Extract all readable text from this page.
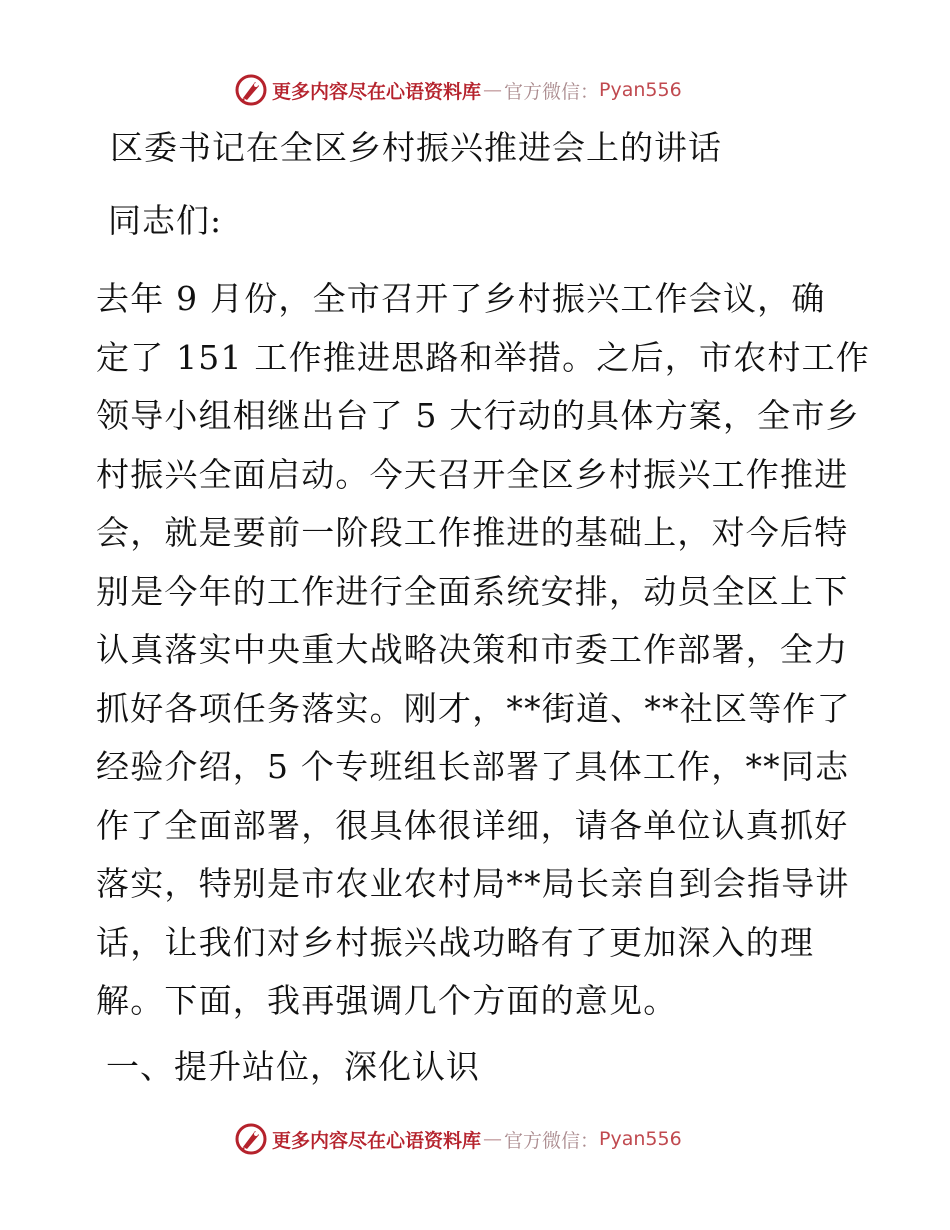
更多内容尽在心语资料库 — 官方微信： Pyan556
区委书记在全区乡村振兴推进会上的讲话
同志们:
去年 9 月份，全市召开了乡村振兴工作会议，确
定了 151 工作推进思路和举措。之后，市农村工作
领导小组相继出台了 5 大行动的具体方案，全市乡
村振兴全面启动。今天召开全区乡村振兴工作推进
会，就是要前一阶段工作推进的基础上，对今后特
别是今年的工作进行全面系统安排，动员全区上下
认真落实中央重大战略决策和市委工作部署，全力
抓好各项任务落实。刚才，**街道、**社区等作了
经验介绍，5 个专班组长部署了具体工作，**同志
作了全面部署，很具体很详细，请各单位认真抓好
落实，特别是市农业农村局**局长亲自到会指导讲
话，让我们对乡村振兴战功略有了更加深入的理
解。下面，我再强调几个方面的意见。
一、提升站位，深化认识
更多内容尽在心语资料库 — 官方微信： Pyan556
